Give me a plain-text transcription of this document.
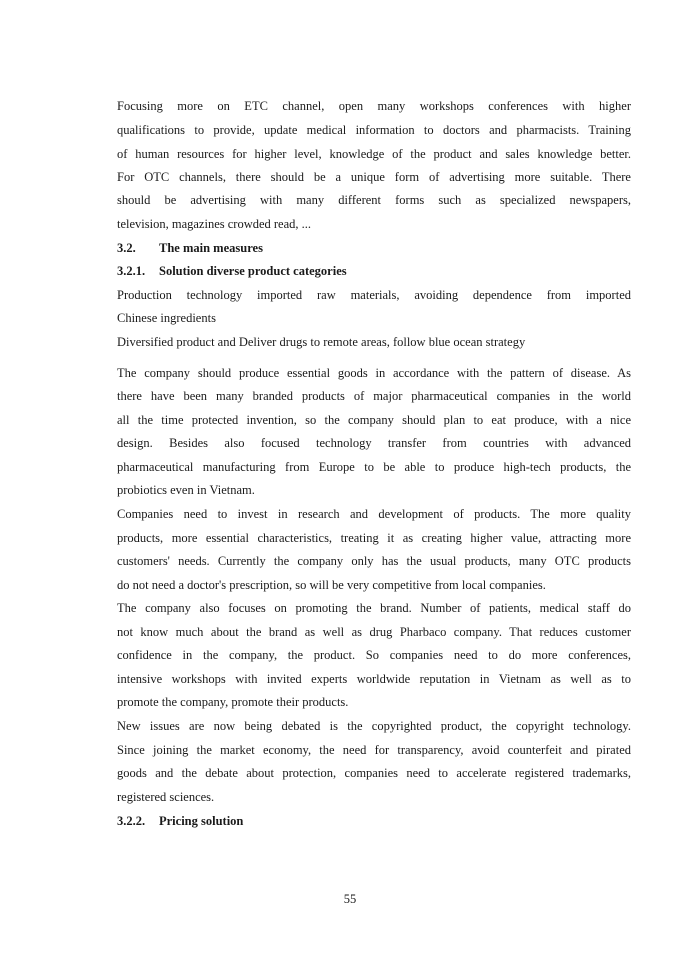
Focusing more on ETC channel, open many workshops conferences with higher
qualifications to provide, update medical information to doctors and pharmacists. Training
of human resources for higher level, knowledge of the product and sales knowledge better.
For OTC channels, there should be a unique form of advertising more suitable. There
should be advertising with many different forms such as specialized newspapers,
television, magazines crowded read, ...
3.2. The main measures
3.2.1. Solution diverse product categories
Production technology imported raw materials, avoiding dependence from imported
Chinese ingredients
Diversified product and Deliver drugs to remote areas, follow blue ocean strategy
The company should produce essential goods in accordance with the pattern of disease. As
there have been many branded products of major pharmaceutical companies in the world
all the time protected invention, so the company should plan to eat produce, with a nice
design. Besides also focused technology transfer from countries with advanced
pharmaceutical manufacturing from Europe to be able to produce high-tech products, the
probiotics even in Vietnam.
Companies need to invest in research and development of products. The more quality
products, more essential characteristics, treating it as creating higher value, attracting more
customers' needs. Currently the company only has the usual products, many OTC products
do not need a doctor's prescription, so will be very competitive from local companies.
The company also focuses on promoting the brand. Number of patients, medical staff do
not know much about the brand as well as drug Pharbaco company. That reduces customer
confidence in the company, the product. So companies need to do more conferences,
intensive workshops with invited experts worldwide reputation in Vietnam as well as to
promote the company, promote their products.
New issues are now being debated is the copyrighted product, the copyright technology.
Since joining the market economy, the need for transparency, avoid counterfeit and pirated
goods and the debate about protection, companies need to accelerate registered trademarks,
registered sciences.
3.2.2. Pricing solution
55
